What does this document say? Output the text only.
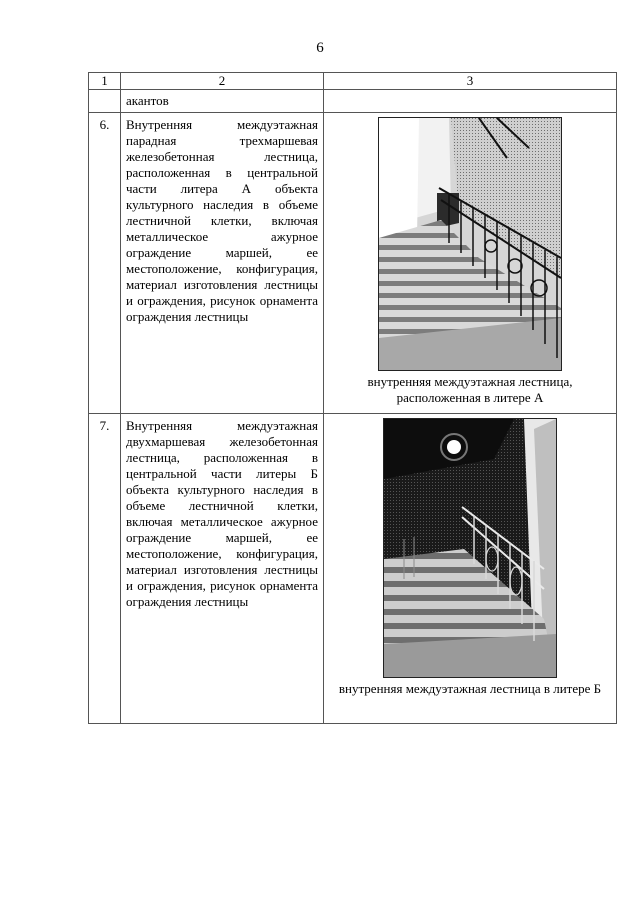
6
1	2	3

	акантов	

6.	Внутренняя междуэтажная парадная трехмаршевая железобетонная лестница, расположенная в центральной части литера А объекта культурного наследия в объеме лестничной клетки, включая металлическое ажурное ограждение маршей, ее местоположение, конфигурация, материал изготовления лестницы и ограждения, рисунок орнамента ограждения лестницы	внутренняя междуэтажная лестница, расположенная в литере А

7.	Внутренняя междуэтажная двухмаршевая железобетонная лестница, расположенная в центральной части литеры Б объекта культурного наследия в объеме лестничной клетки, включая металлическое ажурное ограждение маршей, ее местоположение, конфигурация, материал изготовления лестницы и ограждения, рисунок орнамента ограждения лестницы	внутренняя междуэтажная лестница в литере Б
